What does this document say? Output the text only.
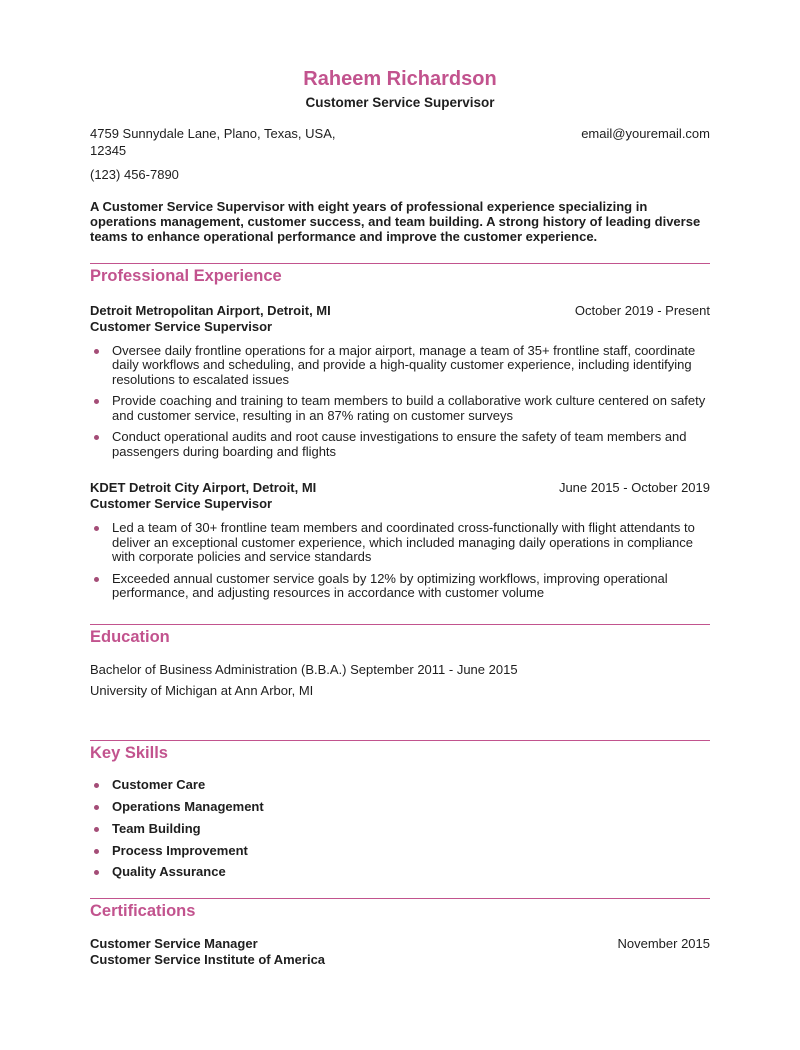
Raheem Richardson
Customer Service Supervisor
4759 Sunnydale Lane, Plano, Texas, USA,
12345
(123) 456-7890
email@youremail.com
A Customer Service Supervisor with eight years of professional experience specializing in operations management, customer success, and team building. A strong history of leading diverse teams to enhance operational performance and improve the customer experience.
Professional Experience
Detroit Metropolitan Airport, Detroit, MI	October 2019 - Present
Customer Service Supervisor
Oversee daily frontline operations for a major airport, manage a team of 35+ frontline staff, coordinate daily workflows and scheduling, and provide a high-quality customer experience, including identifying resolutions to escalated issues
Provide coaching and training to team members to build a collaborative work culture centered on safety and customer service, resulting in an 87% rating on customer surveys
Conduct operational audits and root cause investigations to ensure the safety of team members and passengers during boarding and flights
KDET Detroit City Airport, Detroit, MI	June 2015 - October 2019
Customer Service Supervisor
Led a team of 30+ frontline team members and coordinated cross-functionally with flight attendants to deliver an exceptional customer experience, which included managing daily operations in compliance with corporate policies and service standards
Exceeded annual customer service goals by 12% by optimizing workflows, improving operational performance, and adjusting resources in accordance with customer volume
Education
Bachelor of Business Administration (B.B.A.) September 2011 - June 2015
University of Michigan at Ann Arbor, MI
Key Skills
Customer Care
Operations Management
Team Building
Process Improvement
Quality Assurance
Certifications
Customer Service Manager
Customer Service Institute of America
November 2015
